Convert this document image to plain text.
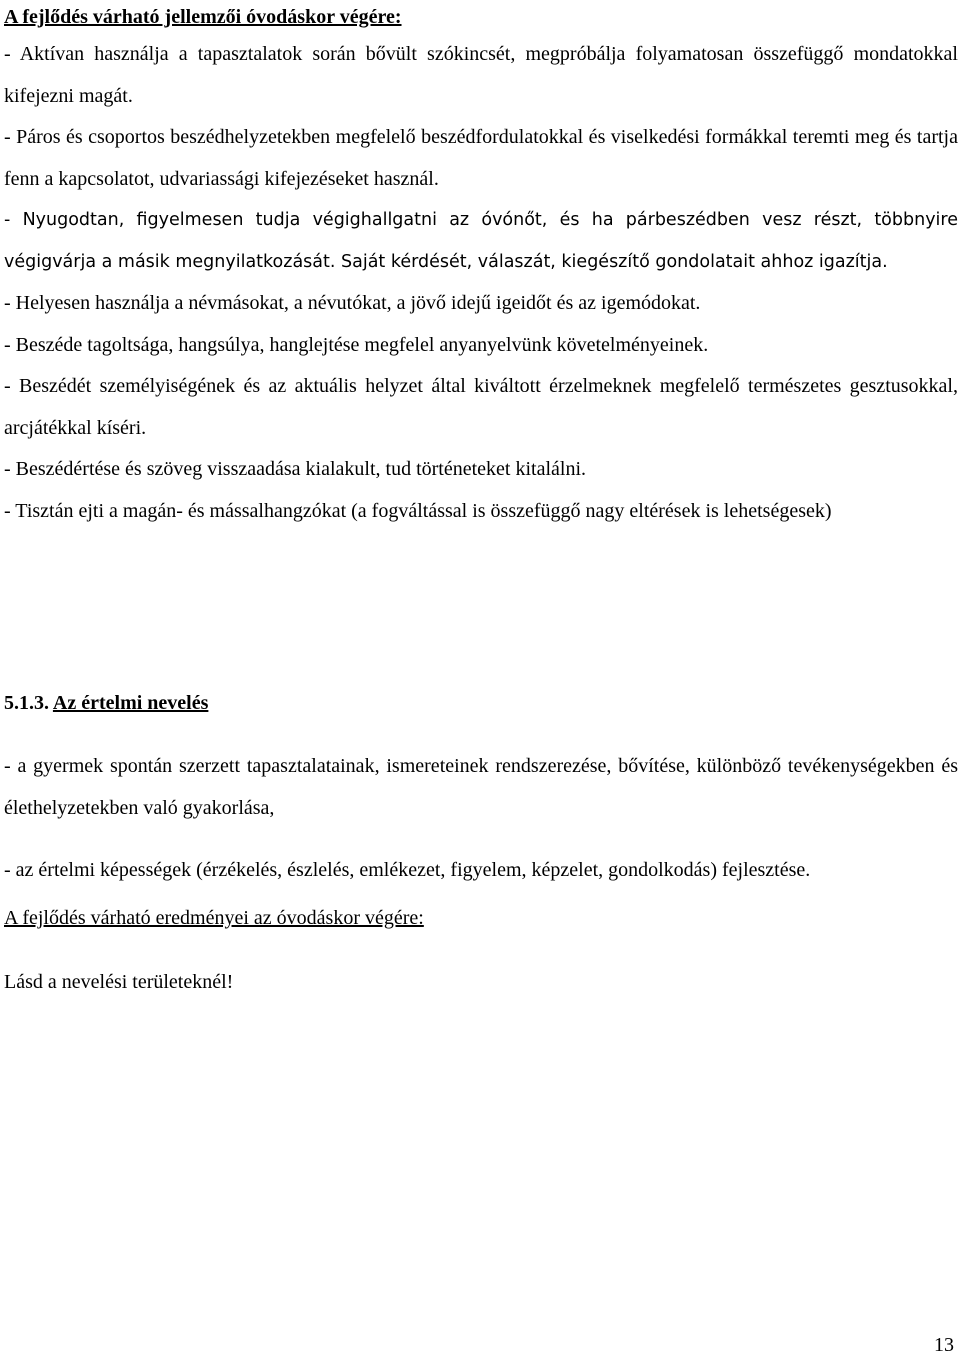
A fejlődés várható jellemzői óvodáskor végére:

- Aktívan használja a tapasztalatok során bővült szókincsét, megpróbálja folyamatosan összefüggő mondatokkal kifejezni magát.

- Páros és csoportos beszédhelyzetekben megfelelő beszédfordulatokkal és viselkedési formákkal teremti meg és tartja fenn a kapcsolatot, udvariassági kifejezéseket használ.

- Nyugodtan, figyelmesen tudja végighallgatni az óvónőt, és ha párbeszédben vesz részt, többnyire végigvárja a másik megnyilatkozását. Saját kérdését, válaszát, kiegészítő gondolatait ahhoz igazítja.

- Helyesen használja a névmásokat, a névutókat, a jövő idejű igeidőt és az igemódokat.

- Beszéde tagoltsága, hangsúlya, hanglejtése megfelel anyanyelvünk követelményeinek.

- Beszédét személyiségének és az aktuális helyzet által kiváltott érzelmeknek megfelelő természetes gesztusokkal, arcjátékkal kíséri.

- Beszédértése és szöveg visszaadása kialakult, tud történeteket kitalálni.

- Tisztán ejti a magán- és mássalhangzókat (a fogváltással is összefüggő nagy eltérések is lehetségesek)

5.1.3. Az értelmi nevelés

- a gyermek spontán szerzett tapasztalatainak, ismereteinek rendszerezése, bővítése, különböző tevékenységekben és élethelyzetekben való gyakorlása,

- az értelmi képességek (érzékelés, észlelés, emlékezet, figyelem, képzelet, gondolkodás) fejlesztése.

A fejlődés várható eredményei az óvodáskor végére:
Lásd a nevelési területeknél!
13
